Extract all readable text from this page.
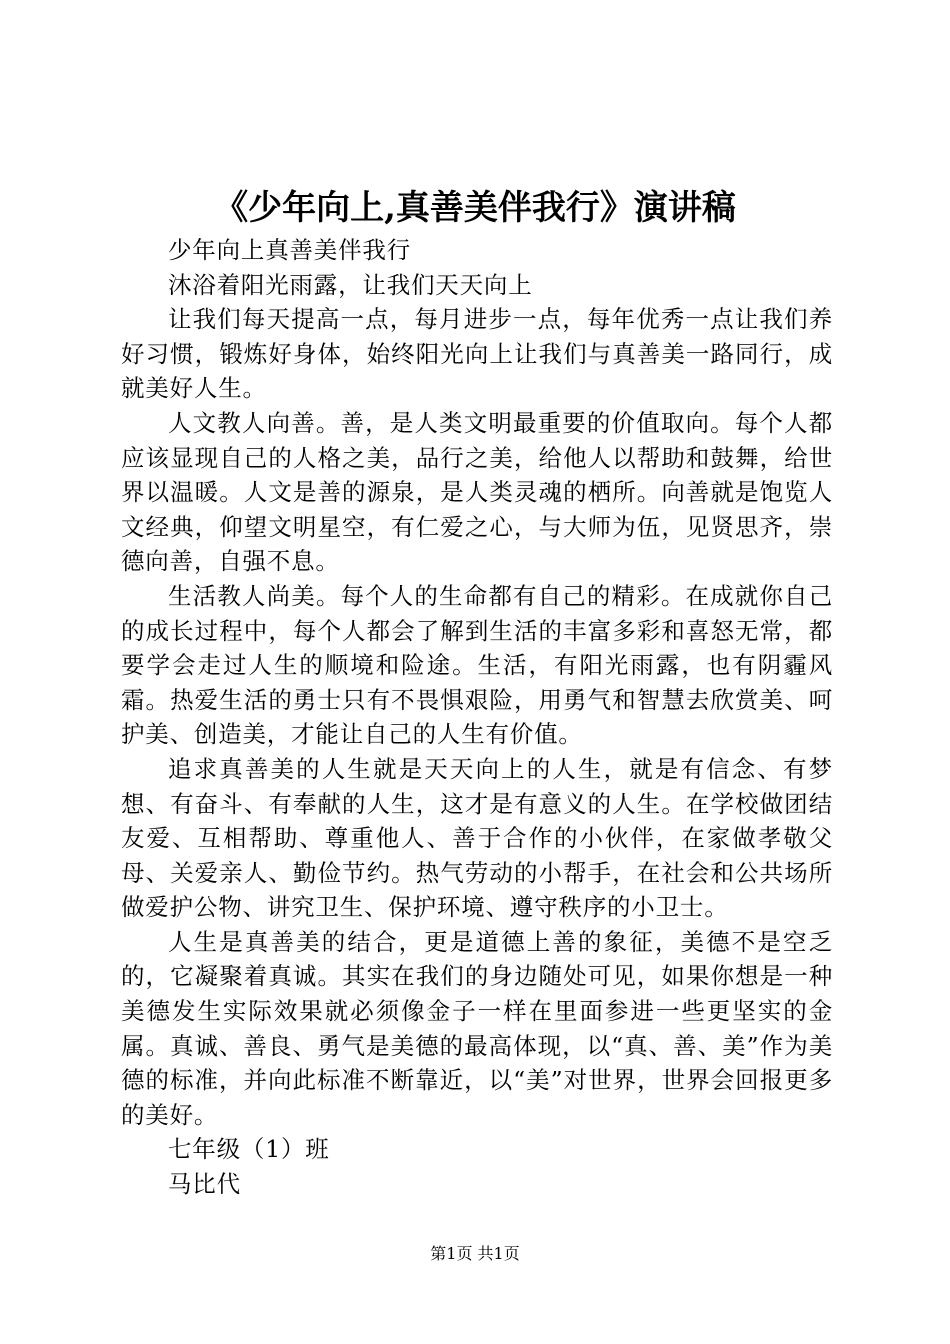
《少年向上,真善美伴我行》演讲稿

少年向上真善美伴我行

沐浴着阳光雨露，让我们天天向上

让我们每天提高一点，每月进步一点，每年优秀一点让我们养好习惯，锻炼好身体，始终阳光向上让我们与真善美一路同行，成就美好人生。

人文教人向善。善，是人类文明最重要的价值取向。每个人都应该显现自己的人格之美，品行之美，给他人以帮助和鼓舞，给世界以温暖。人文是善的源泉，是人类灵魂的栖所。向善就是饱览人文经典，仰望文明星空，有仁爱之心，与大师为伍，见贤思齐，崇德向善，自强不息。

生活教人尚美。每个人的生命都有自己的精彩。在成就你自己的成长过程中，每个人都会了解到生活的丰富多彩和喜怒无常，都要学会走过人生的顺境和险途。生活，有阳光雨露，也有阴霾风霜。热爱生活的勇士只有不畏惧艰险，用勇气和智慧去欣赏美、呵护美、创造美，才能让自己的人生有价值。

追求真善美的人生就是天天向上的人生，就是有信念、有梦想、有奋斗、有奉献的人生，这才是有意义的人生。在学校做团结友爱、互相帮助、尊重他人、善于合作的小伙伴，在家做孝敬父母、关爱亲人、勤俭节约。热气劳动的小帮手，在社会和公共场所做爱护公物、讲究卫生、保护环境、遵守秩序的小卫士。

人生是真善美的结合，更是道德上善的象征，美德不是空乏的，它凝聚着真诚。其实在我们的身边随处可见，如果你想是一种美德发生实际效果就必须像金子一样在里面参进一些更坚实的金属。真诚、善良、勇气是美德的最高体现，以“真、善、美”作为美德的标准，并向此标准不断靠近，以“美”对世界，世界会回报更多的美好。

七年级（1）班

马比代

第1页 共1页
